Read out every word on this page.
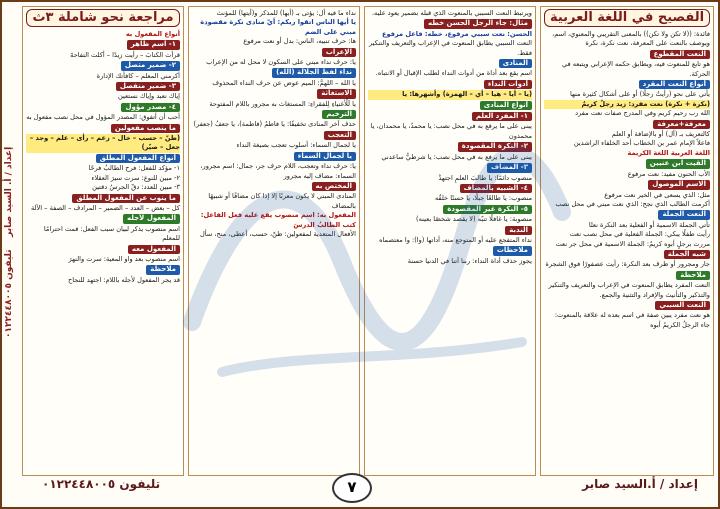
الفصيح في اللغة العربية

فائدة: ((لا تكن ولا تكن)) بالمعنى التقريبي والمعنوي، اسم، ويوصف بالنعت على المعرفة، نعت نكرة، نكرة

النعت المقطوع

هو تابع للمنعوت فيه، ويطابق حكمه الإعرابي ويتبعه في الحركة.

أنواع النعت المقرد

يأتي على نحو (رأيتُ رجلًا) أو على أشكال كثيرة منها

(نكرة + نكرة) نعت مفرد: زيد رجلٌ كريمٌ

الله رب رحيم كريم وفي المدرج صفات نعت مفرد

معرفة+معرفة

كالتعريف بـ (أل) أو بالإضافة أو العلم

فاعلاً الإمام عمر بن الخطاب أحد الخلفاء الراشدين

اللغة العربية اللغة الكريمة

القيت ابن عنيين

الأب الحنون مفيد: نعت مرفوع

الاسم الموصول

مثل: الذي يسعى في الخير نعت مرفوع

أكرمت الطالب الذي نجح: الذي نعت مبني في محل نصب

النعت الجملة

تأتي الجملة الاسمية أو الفعلية بعد النكرة نعتًا

رأيت طفلًا يبكي: الجملة الفعلية في محل نصب نعت

مررت برجلٍ أبوه كريمٌ: الجملة الاسمية في محل جر نعت

شبه الجملة

جار ومجرور أو ظرف بعد النكرة: رأيت عصفورًا فوق الشجرة

ملاحظة

النعت المفرد يطابق المنعوت في الإعراب والتعريف والتنكير والتذكير والتأنيث والإفراد والتثنية والجمع.

النعت السببي

هو نعت مفرد يبين صفة في اسم بعده له علاقة بالمنعوت: جاء الرجلُ الكريمُ أبوه

ويرتبط النعت السببي بالمنعوت الذي قبله بضمير يعود عليه.

مثال: جاء الرجل الحسن خطه

الحسن: نعت سببي مرفوع، خطه: فاعل مرفوع

النعت السببي يطابق المنعوت في الإعراب والتعريف والتنكير فقط.

المنادى

اسم يقع بعد أداة من أدوات النداء لطلب الإقبال أو الانتباه.

أدوات النداء

(يا – أيا – هيا – أي – الهمزة) وأشهرها: يا

أنواع المنادى
١- المفرد العلم

يبنى على ما يرفع به في محل نصب: يا محمدُ، يا محمدان، يا محمدون

٢- النكرة المقصودة

يبنى على ما يرفع به في محل نصب: يا شرطيُّ ساعدني

٣- المضاف

منصوب دائمًا: يا طالبَ العلمِ اجتهدْ

٤- الشبيه بالمضاف

منصوب: يا طالعًا جبلًا، يا حسنًا خلقُه

٥- النكرة غير المقصودة

منصوبة: يا غافلًا تنبّه (لا يقصد شخصًا بعينه)

الندبة

نداء المتفجع عليه أو المتوجع منه، أداتها (وا): وا معتصماه

ملاحظات

يجوز حذف أداة النداء: ربنا آتنا في الدنيا حسنة

نداء ما فيه أل: يؤتى بـ (أيها) للمذكر و(أيتها) للمؤنث

يا أيها الناس اتقوا ربكم: أيّ منادى نكرة مقصودة مبني على الضم

ها: حرف تنبيه، الناس: بدل أو نعت مرفوع

الإعراب

يا: حرف نداء مبني على السكون لا محل له من الإعراب

نداء لفظ الجلالة (الله)

يا الله – اللهمَّ: الميم عوض عن حرف النداء المحذوف

الاستغاثة

يا لَلْأغنياءِ لِلفقراءِ: المستغاث به مجرور باللام المفتوحة

الترخيم

حذف آخر المنادى تخفيفًا: يا فاطمُ (فاطمة)، يا جعفُ (جعفر)

التعجب

يا لجمال السماء: أسلوب تعجب بصيغة النداء

يا لجمال السماء

يا: حرف نداء وتعجب، اللام حرف جر، جمال: اسم مجرور، السماء: مضاف إليه مجرور

المختص به

المنادى المبني لا يكون معربًا إلا إذا كان مضافًا أو شبيهًا بالمضاف

المفعول به: اسم منصوب يقع عليه فعل الفاعل: كتب الطالبُ الدرسَ

الأفعال المتعدية لمفعولين: ظنّ، حسب، أعطى، منح، سأل

مراجعة نحو شاملة ٣ث

أنواع المفعول به

١- اسم ظاهر

قرأت الكتابَ – رأيت زيدًا – أكلت التفاحةَ

٢- ضمير متصل

أكرمني المعلم – كافأتك الإدارة

٣- ضمير منفصل

إياك نعبد وإياك نستعين

٤- مصدر مؤول

أحب أن أتفوق: المصدر المؤول في محل نصب مفعول به

ما ينصب مفعولين

(ظنّ – حسب – خال – زعم – رأى – علم – وجد – جعل – صيّر)

أنواع المفعول المطلق

١- مؤكد للفعل: فرح الطالبُ فرحًا

٢- مبين للنوع: سرت سيرَ العقلاء

٣- مبين للعدد: دقّ الجرسُ دقتين

ما ينوب عن المفعول المطلق

كل – بعض – العدد – الضمير – المرادف – الصفة – الآلة

المفعول لأجله

اسم منصوب يذكر لبيان سبب الفعل: قمت احترامًا للمعلم

المفعول معه

اسم منصوب بعد واو المعية: سرت والنهرَ

ملاحظة

قد يجر المفعول لأجله باللام: اجتهد للنجاح

إعداد / أ. السيد صابر    تليفون ٠١٢٢٤٤٨٠٠٥
إعداد / أ.السيد صابر
تليفون ٠١٢٢٤٤٨٠٠٥	٧
